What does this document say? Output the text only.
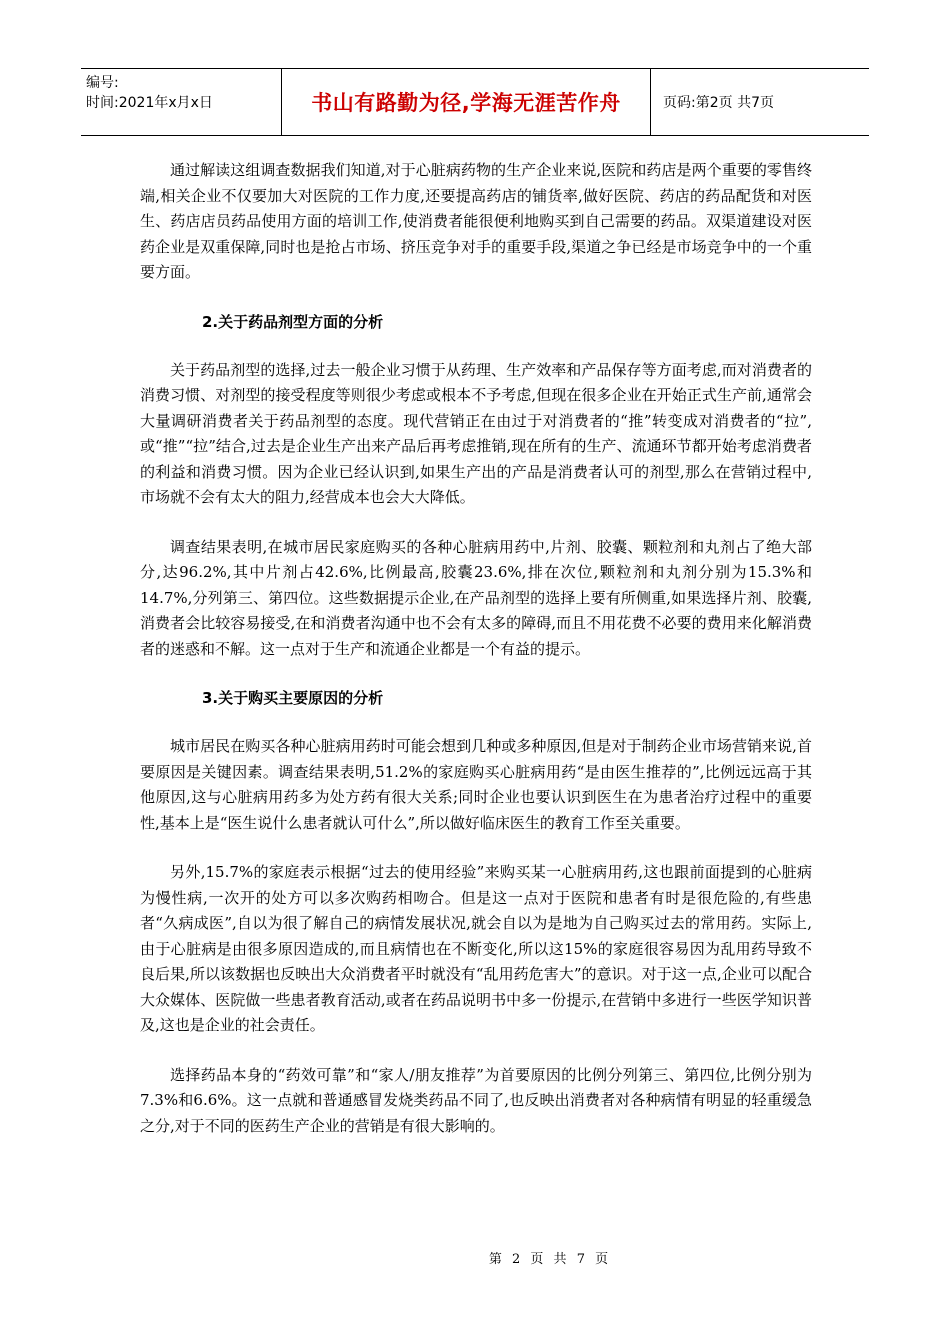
编号:
时间:2021年x月x日	书山有路勤为径,学海无涯苦作舟	页码:第2页 共7页

通过解读这组调查数据我们知道,对于心脏病药物的生产企业来说,医院和药店是两个重要的零售终端,相关企业不仅要加大对医院的工作力度,还要提高药店的铺货率,做好医院、药店的药品配货和对医生、药店店员药品使用方面的培训工作,使消费者能很便利地购买到自己需要的药品。双渠道建设对医药企业是双重保障,同时也是抢占市场、挤压竞争对手的重要手段,渠道之争已经是市场竞争中的一个重要方面。

2.关于药品剂型方面的分析

关于药品剂型的选择,过去一般企业习惯于从药理、生产效率和产品保存等方面考虑,而对消费者的消费习惯、对剂型的接受程度等则很少考虑或根本不予考虑,但现在很多企业在开始正式生产前,通常会大量调研消费者关于药品剂型的态度。现代营销正在由过于对消费者的“推”转变成对消费者的“拉”,或“推”“拉”结合,过去是企业生产出来产品后再考虑推销,现在所有的生产、流通环节都开始考虑消费者的利益和消费习惯。因为企业已经认识到,如果生产出的产品是消费者认可的剂型,那么在营销过程中,市场就不会有太大的阻力,经营成本也会大大降低。

调查结果表明,在城市居民家庭购买的各种心脏病用药中,片剂、胶囊、颗粒剂和丸剂占了绝大部分,达96.2%,其中片剂占42.6%,比例最高,胶囊23.6%,排在次位,颗粒剂和丸剂分别为15.3%和14.7%,分列第三、第四位。这些数据提示企业,在产品剂型的选择上要有所侧重,如果选择片剂、胶囊,消费者会比较容易接受,在和消费者沟通中也不会有太多的障碍,而且不用花费不必要的费用来化解消费者的迷惑和不解。这一点对于生产和流通企业都是一个有益的提示。

3.关于购买主要原因的分析

城市居民在购买各种心脏病用药时可能会想到几种或多种原因,但是对于制药企业市场营销来说,首要原因是关键因素。调查结果表明,51.2%的家庭购买心脏病用药“是由医生推荐的”,比例远远高于其他原因,这与心脏病用药多为处方药有很大关系;同时企业也要认识到医生在为患者治疗过程中的重要性,基本上是“医生说什么患者就认可什么”,所以做好临床医生的教育工作至关重要。

另外,15.7%的家庭表示根据“过去的使用经验”来购买某一心脏病用药,这也跟前面提到的心脏病为慢性病,一次开的处方可以多次购药相吻合。但是这一点对于医院和患者有时是很危险的,有些患者“久病成医”,自以为很了解自己的病情发展状况,就会自以为是地为自己购买过去的常用药。实际上,由于心脏病是由很多原因造成的,而且病情也在不断变化,所以这15%的家庭很容易因为乱用药导致不良后果,所以该数据也反映出大众消费者平时就没有“乱用药危害大”的意识。对于这一点,企业可以配合大众媒体、医院做一些患者教育活动,或者在药品说明书中多一份提示,在营销中多进行一些医学知识普及,这也是企业的社会责任。

选择药品本身的“药效可靠”和“家人/朋友推荐”为首要原因的比例分列第三、第四位,比例分别为7.3%和6.6%。这一点就和普通感冒发烧类药品不同了,也反映出消费者对各种病情有明显的轻重缓急之分,对于不同的医药生产企业的营销是有很大影响的。

第 2 页 共 7 页
